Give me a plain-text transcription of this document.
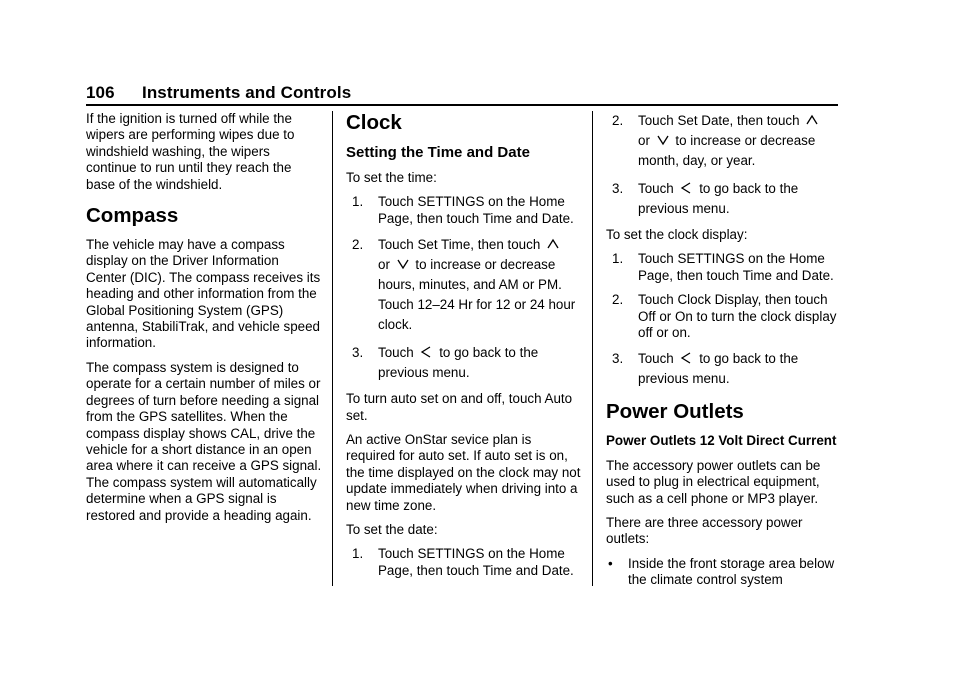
106 Instruments and Controls

If the ignition is turned off while the wipers are performing wipes due to windshield washing, the wipers continue to run until they reach the base of the windshield.

Compass

The vehicle may have a compass display on the Driver Information Center (DIC). The compass receives its heading and other information from the Global Positioning System (GPS) antenna, StabiliTrak, and vehicle speed information.

The compass system is designed to operate for a certain number of miles or degrees of turn before needing a signal from the GPS satellites. When the compass display shows CAL, drive the vehicle for a short distance in an open area where it can receive a GPS signal. The compass system will automatically determine when a GPS signal is restored and provide a heading again.

Clock
Setting the Time and Date

To set the time:

1. Touch SETTINGS on the Home Page, then touch Time and Date.
2. Touch Set Time, then touch

or to increase or decrease hours, minutes, and AM or PM. Touch 12–24 Hr for 12 or 24 hour clock.
3. Touch to go back to the previous menu.

To turn auto set on and off, touch Auto set.

An active OnStar sevice plan is required for auto set. If auto set is on, the time displayed on the clock may not update immediately when driving into a new time zone.

To set the date:

1. Touch SETTINGS on the Home Page, then touch Time and Date.
2. Touch Set Date, then touch

or to increase or decrease month, day, or year.
3. Touch to go back to the previous menu.

To set the clock display:

1. Touch SETTINGS on the Home Page, then touch Time and Date.
2. Touch Clock Display, then touch Off or On to turn the clock display off or on.
3. Touch to go back to the previous menu.
Power Outlets
Power Outlets 12 Volt Direct Current

The accessory power outlets can be used to plug in electrical equipment, such as a cell phone or MP3 player.

There are three accessory power outlets:

• Inside the front storage area below the climate control system
